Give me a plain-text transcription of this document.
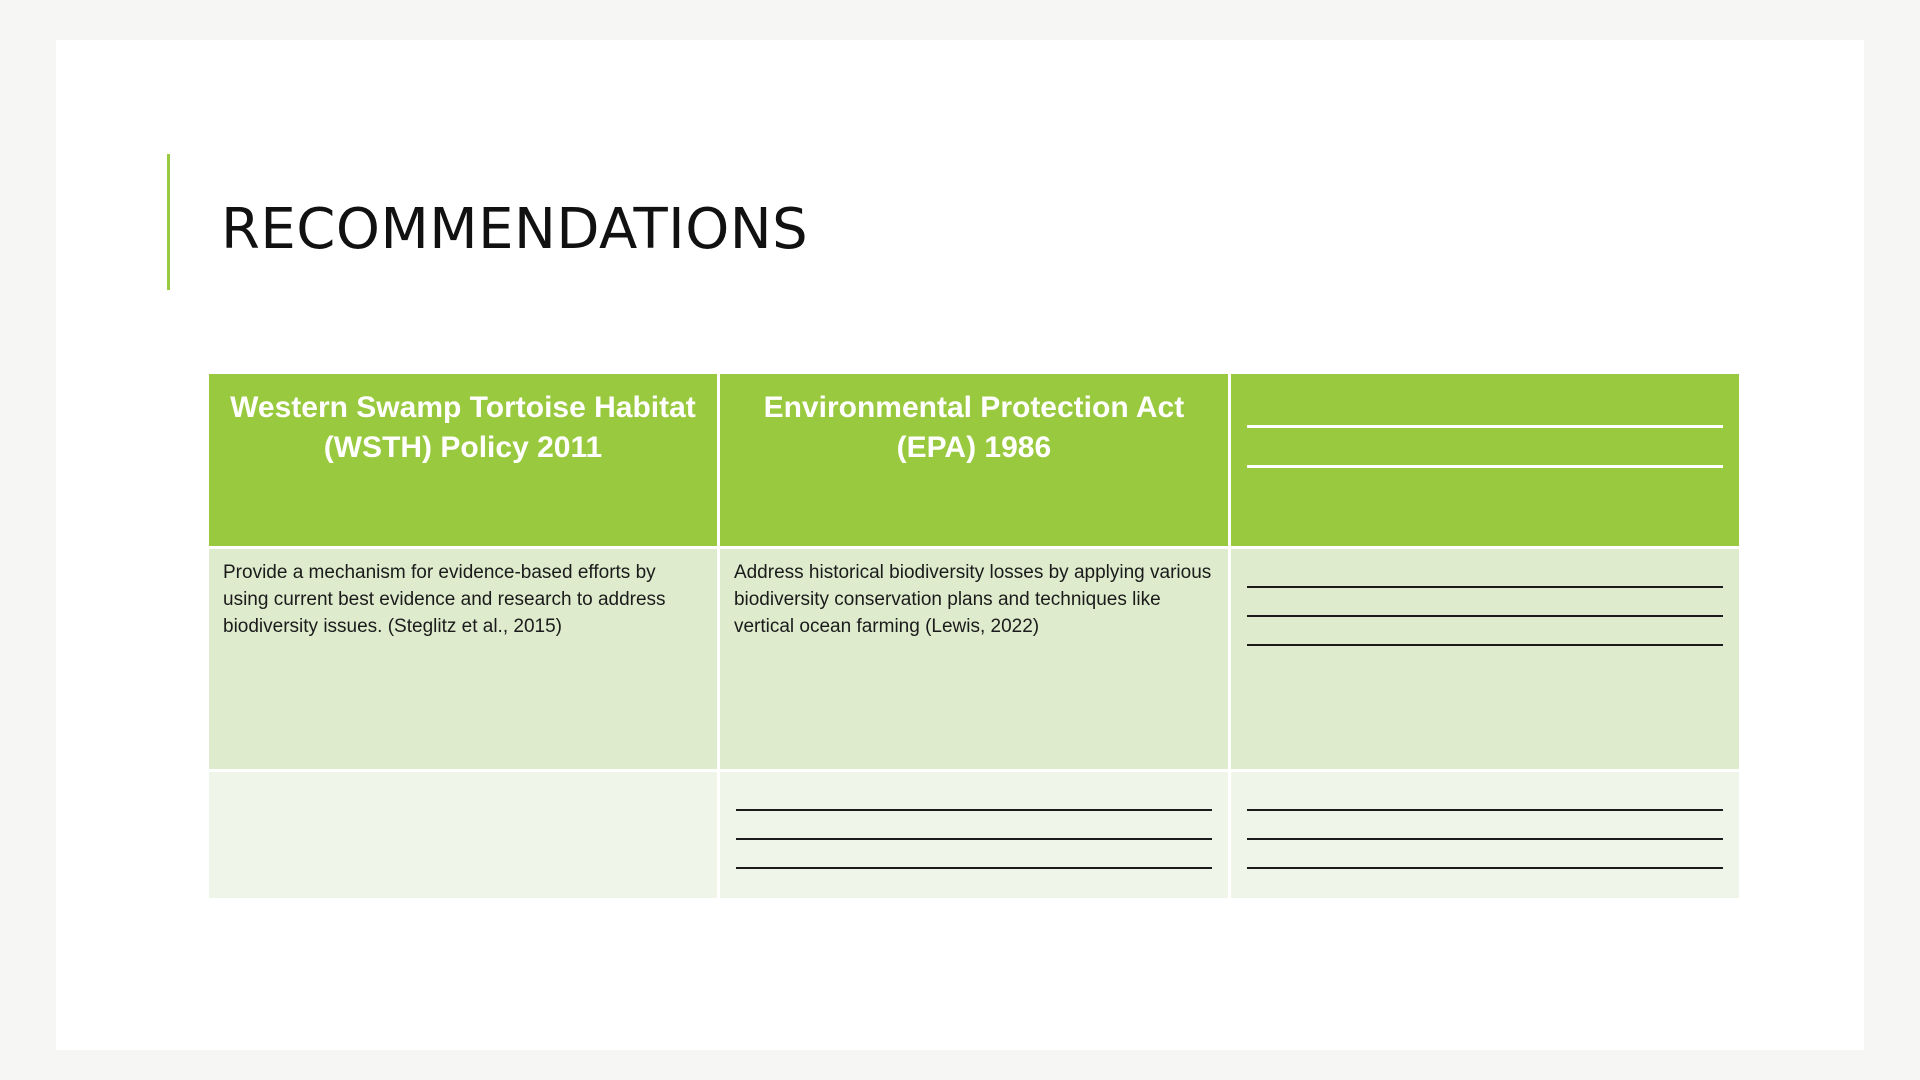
RECOMMENDATIONS
Western Swamp Tortoise Habitat (WSTH) Policy 2011	Environmental Protection Act (EPA) 1986	

Provide a mechanism for evidence-based efforts by using current best evidence and research to address biodiversity issues. (Steglitz et al., 2015)	Address historical biodiversity losses by applying various biodiversity conservation plans and techniques like vertical ocean farming (Lewis, 2022)	
